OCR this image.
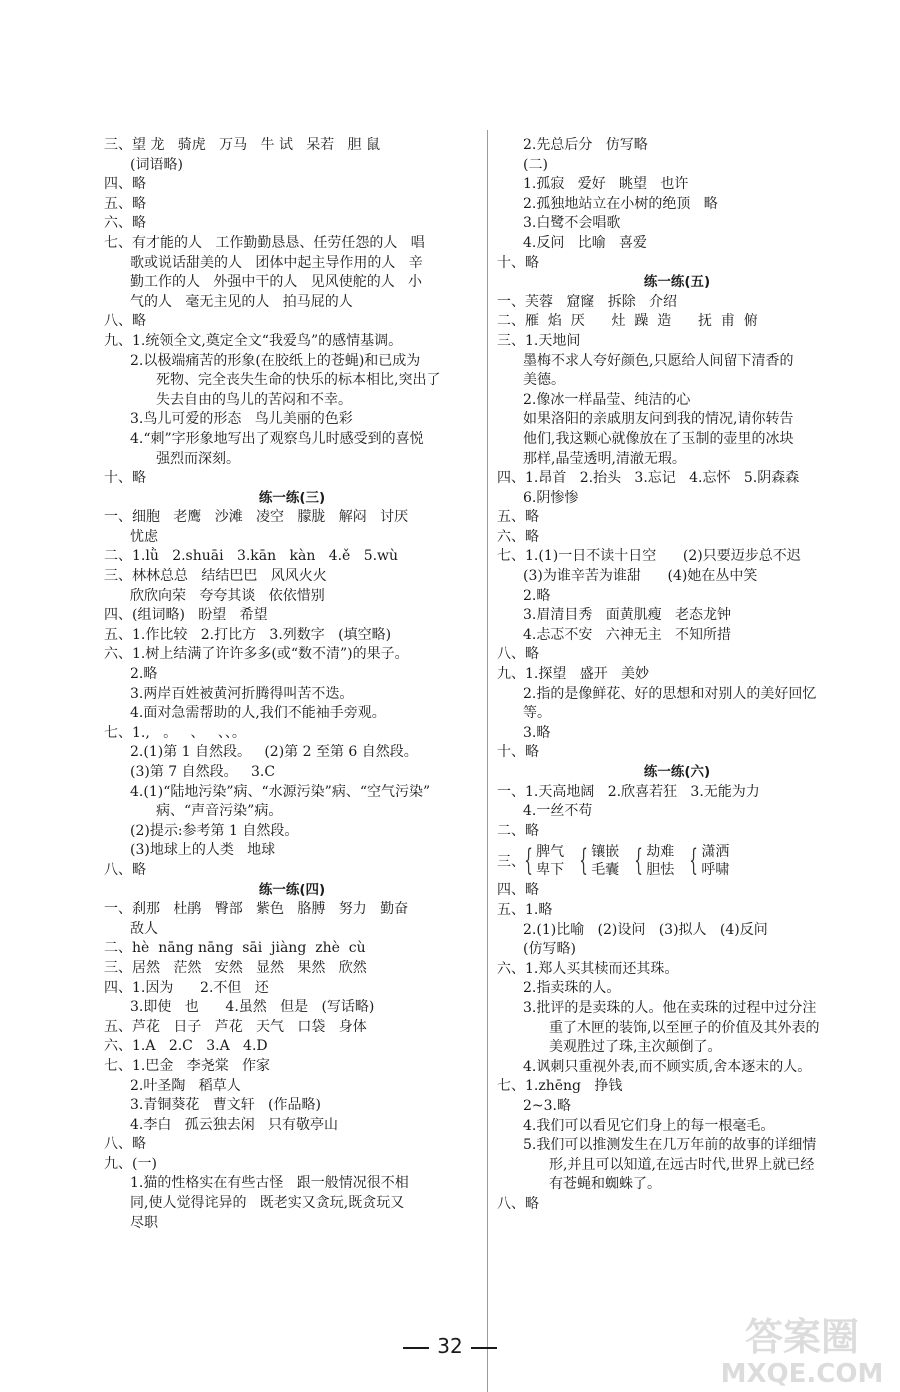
三、望 龙   骑虎   万马   牛 试   呆若   胆 鼠

(词语略)

四、略

五、略

六、略

七、有才能的人   工作勤勤恳恳、任劳任怨的人   唱

歌或说话甜美的人   团体中起主导作用的人   辛

勤工作的人   外强中干的人   见风使舵的人   小

气的人   毫无主见的人   拍马屁的人

八、略

九、1.统领全文,奠定全文“我爱鸟”的感情基调。

2.以极端痛苦的形象(在胶纸上的苍蝇)和已成为

死物、完全丧失生命的快乐的标本相比,突出了

失去自由的鸟儿的苦闷和不幸。

3.鸟儿可爱的形态   鸟儿美丽的色彩

4.“刺”字形象地写出了观察鸟儿时感受到的喜悦

强烈而深刻。

十、略

练一练(三)

一、细胞   老鹰   沙滩   凌空   朦胧   解闷   讨厌

忧虑

二、1.lǜ   2.shuāi   3.kān   kàn   4.ě   5.wù

三、林林总总   结结巴巴   风风火火

欣欣向荣   夸夸其谈   依依惜别

四、(组词略)   盼望   希望

五、1.作比较   2.打比方   3.列数字   (填空略)

六、1.树上结满了许许多多(或“数不清”)的果子。

2.略

3.两岸百姓被黄河折腾得叫苦不迭。

4.面对急需帮助的人,我们不能袖手旁观。

七、1.,   。   、   、、。

2.(1)第 1 自然段。   (2)第 2 至第 6 自然段。

(3)第 7 自然段。   3.C

4.(1)“陆地污染”病、“水源污染”病、“空气污染”

病、“声音污染”病。

(2)提示:参考第 1 自然段。

(3)地球上的人类   地球

八、略

练一练(四)

一、刹那   杜鹃   臀部   紫色   胳膊   努力   勤奋

敌人

二、hè  nāng nāng  sāi  jiàng  zhè  cù

三、居然   茫然   安然   显然   果然   欣然

四、1.因为      2.不但   还

3.即使   也      4.虽然   但是   (写话略)

五、芦花   日子   芦花   天气   口袋   身体

六、1.A   2.C   3.A   4.D

七、1.巴金   李尧棠   作家

2.叶圣陶   稻草人

3.青铜葵花   曹文轩   (作品略)

4.李白   孤云独去闲   只有敬亭山

八、略

九、(一)

1.猫的性格实在有些古怪   跟一般情况很不相

同,使人觉得诧异的   既老实又贪玩,既贪玩又

尽职

2.先总后分   仿写略

(二)

1.孤寂   爱好   眺望   也许

2.孤独地站立在小树的绝顶   略

3.白鹭不会唱歌

4.反问   比喻   喜爱

十、略

练一练(五)

一、芙蓉   窟窿   拆除   介绍

二、雁  焰  厌      灶  躁  造      抚  甫  俯

三、1.天地间

墨梅不求人夸好颜色,只愿给人间留下清香的

美德。

2.像冰一样晶莹、纯洁的心

如果洛阳的亲戚朋友问到我的情况,请你转告

他们,我这颗心就像放在了玉制的壶里的冰块

那样,晶莹透明,清澈无瑕。

四、1.昂首   2.抬头   3.忘记   4.忘怀   5.阴森森

6.阴惨惨

五、略

六、略

七、1.(1)一日不读十日空      (2)只要迈步总不迟

(3)为谁辛苦为谁甜      (4)她在丛中笑

2.略

3.眉清目秀   面黄肌瘦   老态龙钟

4.忐忑不安   六神无主   不知所措

八、略

九、1.探望   盛开   美妙

2.指的是像鲜花、好的思想和对别人的美好回忆

等。

3.略

十、略

练一练(六)

一、1.天高地阔   2.欣喜若狂   3.无能为力

4.一丝不苟

二、略

三、 { 脾气
卑下 { 镶嵌
毛囊 { 劫难
胆怯 { 潇洒
呼啸

四、略

五、1.略

2.(1)比喻   (2)设问   (3)拟人   (4)反问

(仿写略)

六、1.郑人买其椟而还其珠。

2.指卖珠的人。

3.批评的是卖珠的人。他在卖珠的过程中过分注

重了木匣的装饰,以至匣子的价值及其外表的

美观胜过了珠,主次颠倒了。

4.讽刺只重视外表,而不顾实质,舍本逐末的人。

七、1.zhēng   挣钱

2~3.略

4.我们可以看见它们身上的每一根毫毛。

5.我们可以推测发生在几万年前的故事的详细情

形,并且可以知道,在远古时代,世界上就已经

有苍蝇和蜘蛛了。

八、略

32	答案圈
MXQE.COM
